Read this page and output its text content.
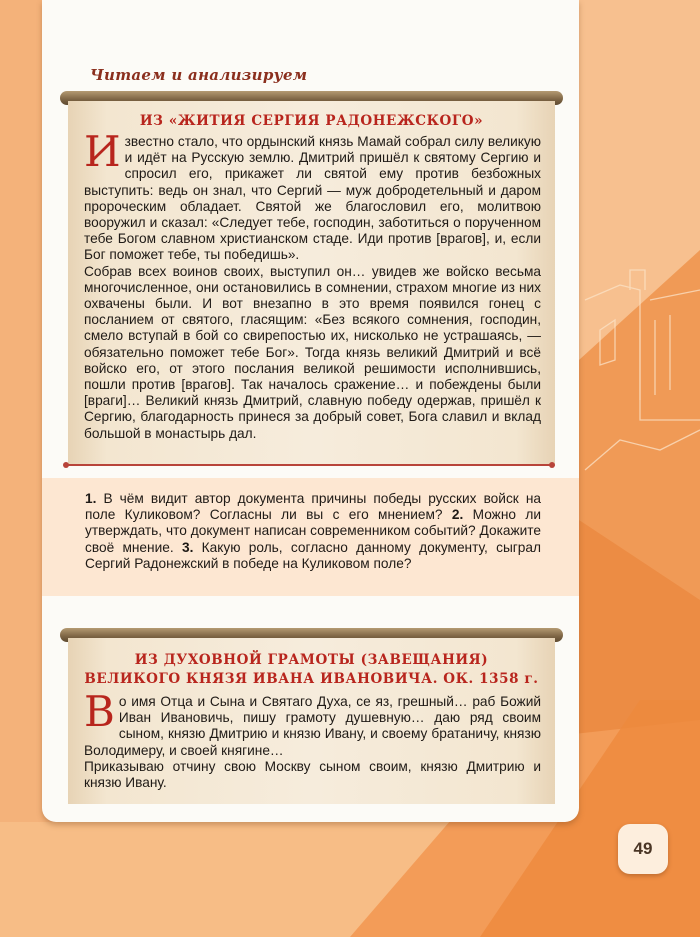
Читаем и анализируем
ИЗ «ЖИТИЯ СЕРГИЯ РАДОНЕЖСКОГО»

Известно стало, что ордынский князь Мамай собрал силу великую и идёт на Русскую землю. Дмитрий пришёл к святому Сергию и спросил его, прикажет ли святой ему против безбожных выступить: ведь он знал, что Сергий — муж добродетельный и даром пророческим обладает. Святой же благословил его, молитвою вооружил и сказал: «Следует тебе, господин, заботиться о порученном тебе Богом славном христианском стаде. Иди против [врагов], и, если Бог поможет тебе, ты победишь».

Собрав всех воинов своих, выступил он… увидев же войско весьма многочисленное, они остановились в сомнении, страхом многие из них охвачены были. И вот внезапно в это время появился гонец с посланием от святого, гласящим: «Без всякого сомнения, господин, смело вступай в бой со свирепостью их, нисколько не устрашаясь, — обязательно поможет тебе Бог». Тогда князь великий Дмитрий и всё войско его, от этого послания великой решимости исполнившись, пошли против [врагов]. Так началось сражение… и побеждены были [враги]… Великий князь Дмитрий, славную победу одержав, пришёл к Сергию, благодарность принеся за добрый совет, Бога славил и вклад большой в монастырь дал.

1. В чём видит автор документа причины победы русских войск на поле Куликовом? Согласны ли вы с его мнением? 2. Можно ли утверждать, что документ написан современником событий? Докажите своё мнение. 3. Какую роль, согласно данному документу, сыграл Сергий Радонежский в победе на Куликовом поле?
ИЗ ДУХОВНОЙ ГРАМОТЫ (ЗАВЕЩАНИЯ)
ВЕЛИКОГО КНЯЗЯ ИВАНА ИВАНОВИЧА. ОК. 1358 г.

Во имя Отца и Сына и Святаго Духа, се яз, грешный… раб Божий Иван Ивановичь, пишу грамоту душевную… даю ряд своим сыном, князю Дмитрию и князю Ивану, и своему братаничу, князю Володимеру, и своей княгине…

Приказываю отчину свою Москву сыном своим, князю Дмитрию и князю Ивану.

49
